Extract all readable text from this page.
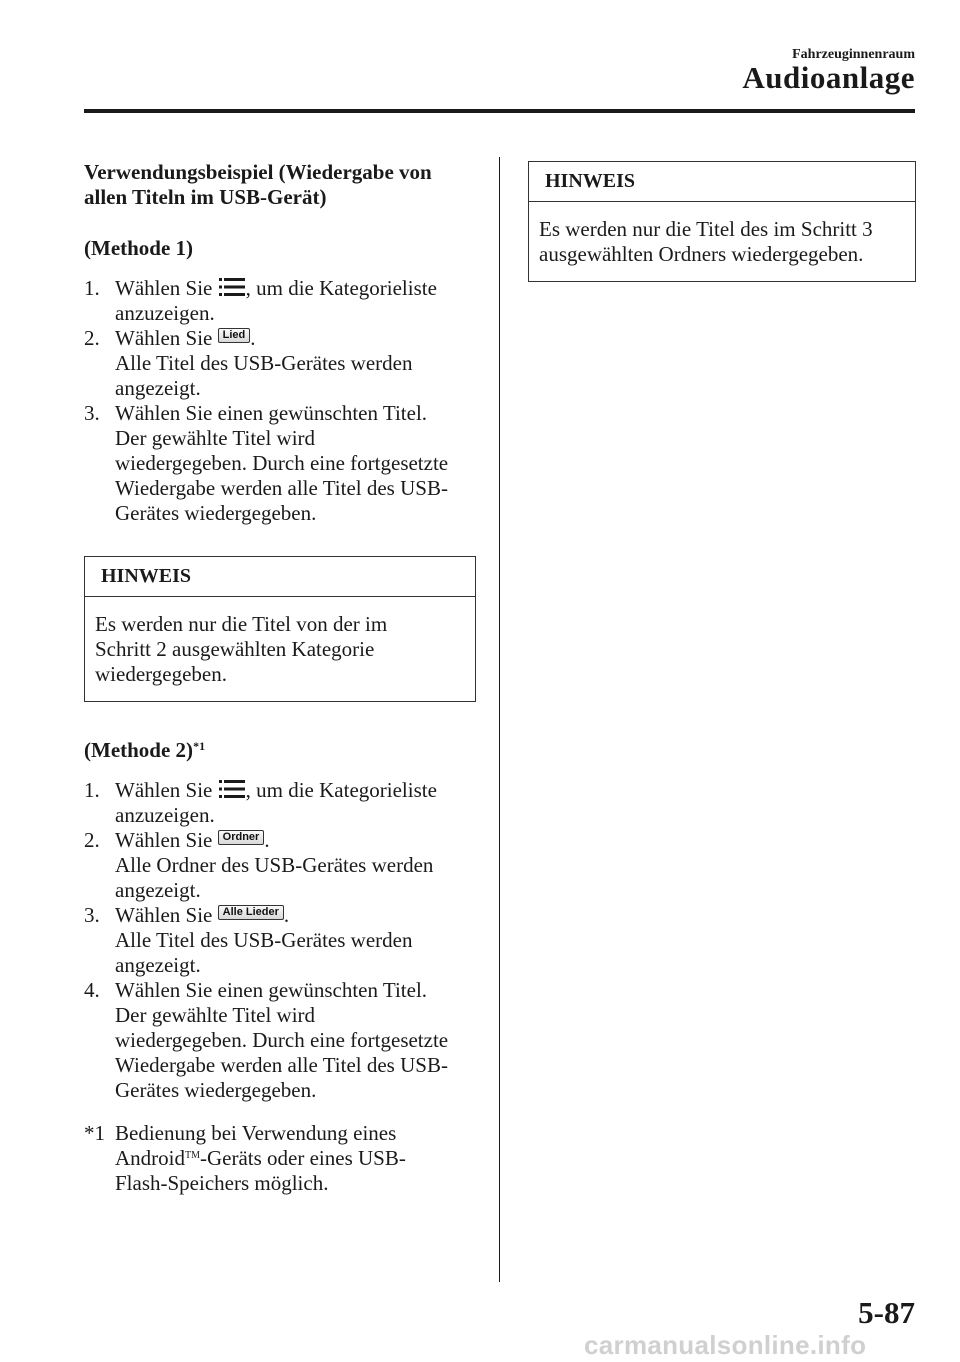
Fahrzeuginnenraum
Audioanlage

Verwendungsbeispiel (Wiedergabe von
allen Titeln im USB-Gerät)

(Methode 1)

1. Wählen Sie , um die Kategorieliste
anzuzeigen.
2. Wählen Sie Lied .
Alle Titel des USB-Gerätes werden
angezeigt.
3. Wählen Sie einen gewünschten Titel.
Der gewählte Titel wird
wiedergegeben. Durch eine fortgesetzte
Wiedergabe werden alle Titel des USB-
Gerätes wiedergegeben.
HINWEIS
Es werden nur die Titel von der im
Schritt 2 ausgewählten Kategorie
wiedergegeben.

(Methode 2)$^{*1}$

1. Wählen Sie , um die Kategorieliste
anzuzeigen.
2. Wählen Sie Ordner .
Alle Ordner des USB-Gerätes werden
angezeigt.
3. Wählen Sie Alle Lieder .
Alle Titel des USB-Gerätes werden
angezeigt.
4. Wählen Sie einen gewünschten Titel.
Der gewählte Titel wird
wiedergegeben. Durch eine fortgesetzte
Wiedergabe werden alle Titel des USB-
Gerätes wiedergegeben.
*1 Bedienung bei Verwendung eines
Android™-Geräts oder eines USB-
Flash-Speichers möglich.
HINWEIS
Es werden nur die Titel des im Schritt 3
ausgewählten Ordners wiedergegeben.
5-87
carmanualsonline.info
